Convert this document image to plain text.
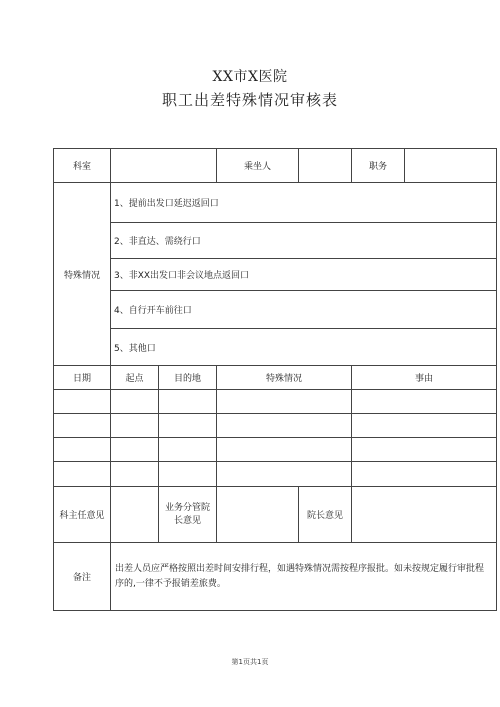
XX市X医院
职工出差特殊情况审核表
科室			乘坐人		职务	
特殊情况	1、提前出发口延迟返回口					
	2、非直达、需绕行口					
	3、非XX出发口非会议地点返回口					
	4、自行开车前往口					
	5、其他口					
日期	起点	目的地	特殊情况		事由	

科主任意见		业务分管院长意见		院长意见		
备注	出差人员应严格按照出差时间安排行程，如遇特殊情况需按程序报批。如未按规定履行审批程序的,一律不予报销差旅费。					
第1页共1页
